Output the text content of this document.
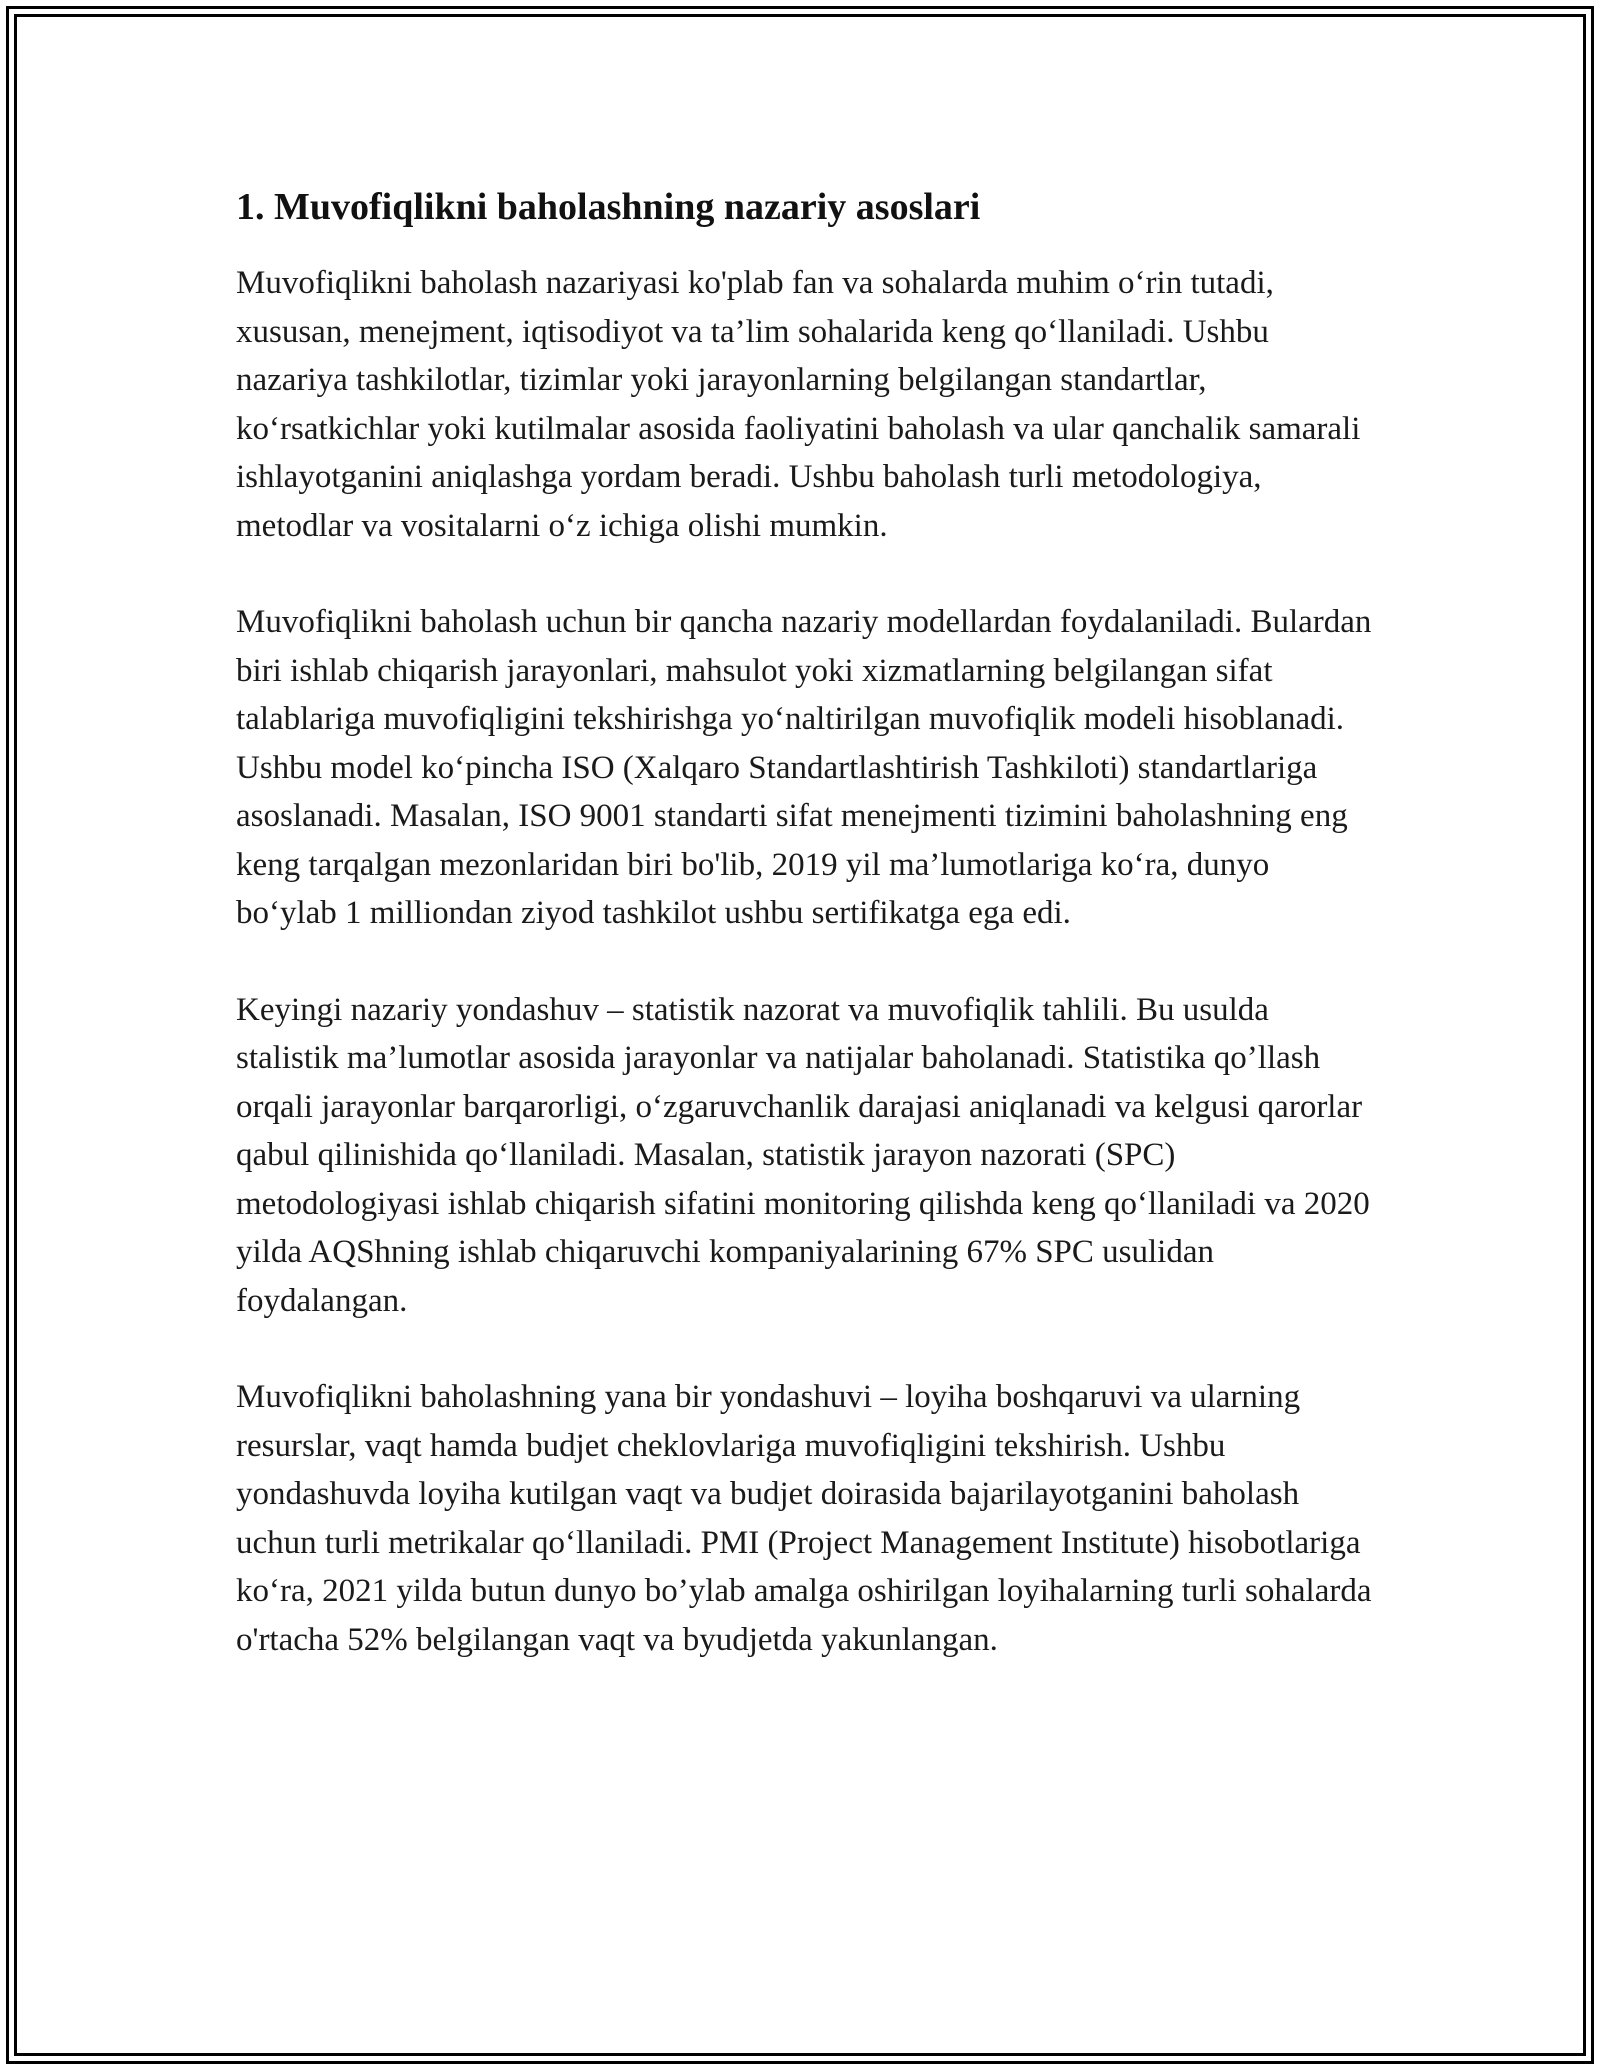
1. Muvofiqlikni baholashning nazariy asoslari

Muvofiqlikni baholash nazariyasi ko'plab fan va sohalarda muhim o‘rin tutadi, xususan, menejment, iqtisodiyot va ta’lim sohalarida keng qo‘llaniladi. Ushbu nazariya tashkilotlar, tizimlar yoki jarayonlarning belgilangan standartlar, ko‘rsatkichlar yoki kutilmalar asosida faoliyatini baholash va ular qanchalik samarali ishlayotganini aniqlashga yordam beradi. Ushbu baholash turli metodologiya, metodlar va vositalarni o‘z ichiga olishi mumkin.

Muvofiqlikni baholash uchun bir qancha nazariy modellardan foydalaniladi. Bulardan biri ishlab chiqarish jarayonlari, mahsulot yoki xizmatlarning belgilangan sifat talablariga muvofiqligini tekshirishga yo‘naltirilgan muvofiqlik modeli hisoblanadi. Ushbu model ko‘pincha ISO (Xalqaro Standartlashtirish Tashkiloti) standartlariga asoslanadi. Masalan, ISO 9001 standarti sifat menejmenti tizimini baholashning eng keng tarqalgan mezonlaridan biri bo'lib, 2019 yil ma’lumotlariga ko‘ra, dunyo bo‘ylab 1 milliondan ziyod tashkilot ushbu sertifikatga ega edi.

Keyingi nazariy yondashuv – statistik nazorat va muvofiqlik tahlili. Bu usulda stalistik ma’lumotlar asosida jarayonlar va natijalar baholanadi. Statistika qo’llash orqali jarayonlar barqarorligi, o‘zgaruvchanlik darajasi aniqlanadi va kelgusi qarorlar qabul qilinishida qo‘llaniladi. Masalan, statistik jarayon nazorati (SPC) metodologiyasi ishlab chiqarish sifatini monitoring qilishda keng qo‘llaniladi va 2020 yilda AQShning ishlab chiqaruvchi kompaniyalarining 67% SPC usulidan foydalangan.

Muvofiqlikni baholashning yana bir yondashuvi – loyiha boshqaruvi va ularning resurslar, vaqt hamda budjet cheklovlariga muvofiqligini tekshirish. Ushbu yondashuvda loyiha kutilgan vaqt va budjet doirasida bajarilayotganini baholash uchun turli metrikalar qo‘llaniladi. PMI (Project Management Institute) hisobotlariga ko‘ra, 2021 yilda butun dunyo bo’ylab amalga oshirilgan loyihalarning turli sohalarda o'rtacha 52% belgilangan vaqt va byudjetda yakunlangan.
